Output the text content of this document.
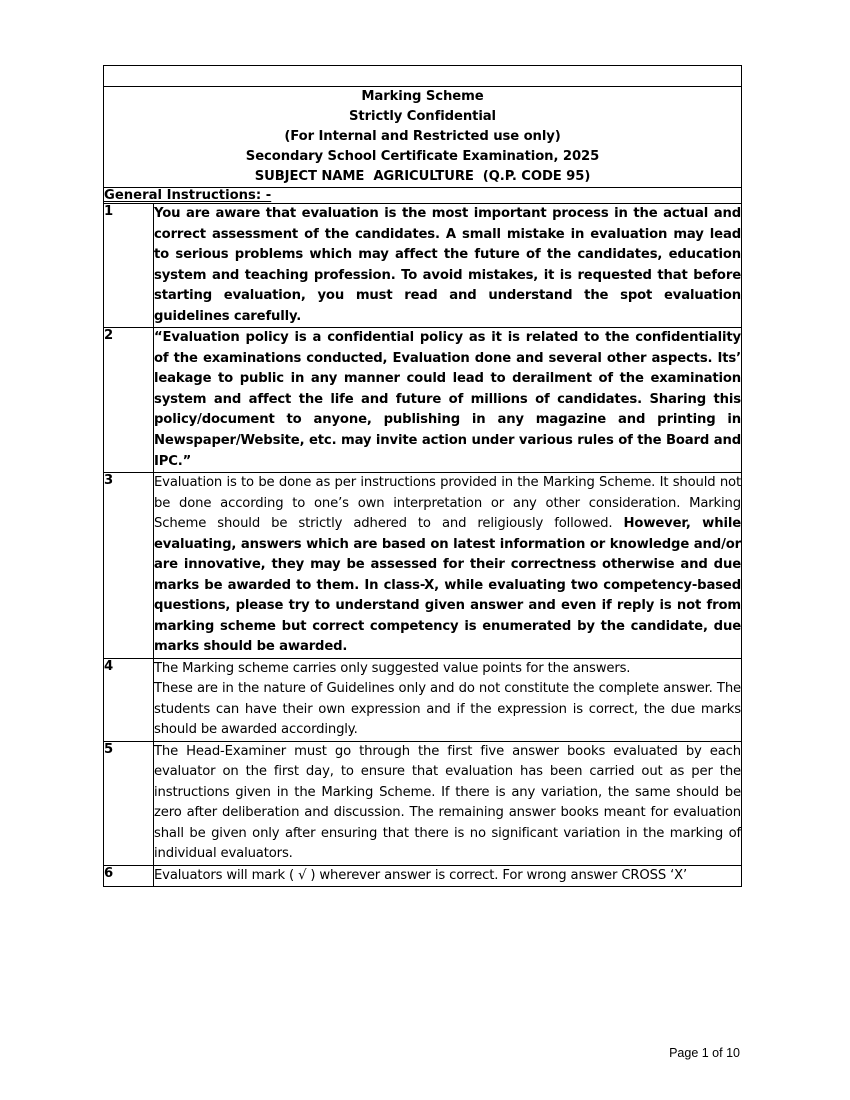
Marking Scheme
Strictly Confidential
(For Internal and Restricted use only)
Secondary School Certificate Examination, 2025
SUBJECT NAME  AGRICULTURE  (Q.P. CODE 95)	

General Instructions: -	
1	You are aware that evaluation is the most important process in the actual and correct assessment of the candidates. A small mistake in evaluation may lead to serious problems which may affect the future of the candidates, education system and teaching profession. To avoid mistakes, it is requested that before starting evaluation, you must read and understand the spot evaluation guidelines carefully.
2	“Evaluation policy is a confidential policy as it is related to the confidentiality of the examinations conducted, Evaluation done and several other aspects. Its’ leakage to public in any manner could lead to derailment of the examination system and affect the life and future of millions of candidates. Sharing this policy/document to anyone, publishing in any magazine and printing in Newspaper/Website, etc. may invite action under various rules of the Board and IPC.”
3	Evaluation is to be done as per instructions provided in the Marking Scheme. It should not be done according to one’s own interpretation or any other consideration. Marking Scheme should be strictly adhered to and religiously followed. However, while evaluating, answers which are based on latest information or knowledge and/or are innovative, they may be assessed for their correctness otherwise and due marks be awarded to them. In class-X, while evaluating two competency-based questions, please try to understand given answer and even if reply is not from marking scheme but correct competency is enumerated by the candidate, due marks should be awarded.
4	The Marking scheme carries only suggested value points for the answers.

These are in the nature of Guidelines only and do not constitute the complete answer. The students can have their own expression and if the expression is correct, the due marks should be awarded accordingly.

5	The Head-Examiner must go through the first five answer books evaluated by each evaluator on the first day, to ensure that evaluation has been carried out as per the instructions given in the Marking Scheme. If there is any variation, the same should be zero after deliberation and discussion. The remaining answer books meant for evaluation shall be given only after ensuring that there is no significant variation in the marking of individual evaluators.
6	Evaluators will mark ( √ ) wherever answer is correct. For wrong answer CROSS ‘X’
Page 1 of 10
